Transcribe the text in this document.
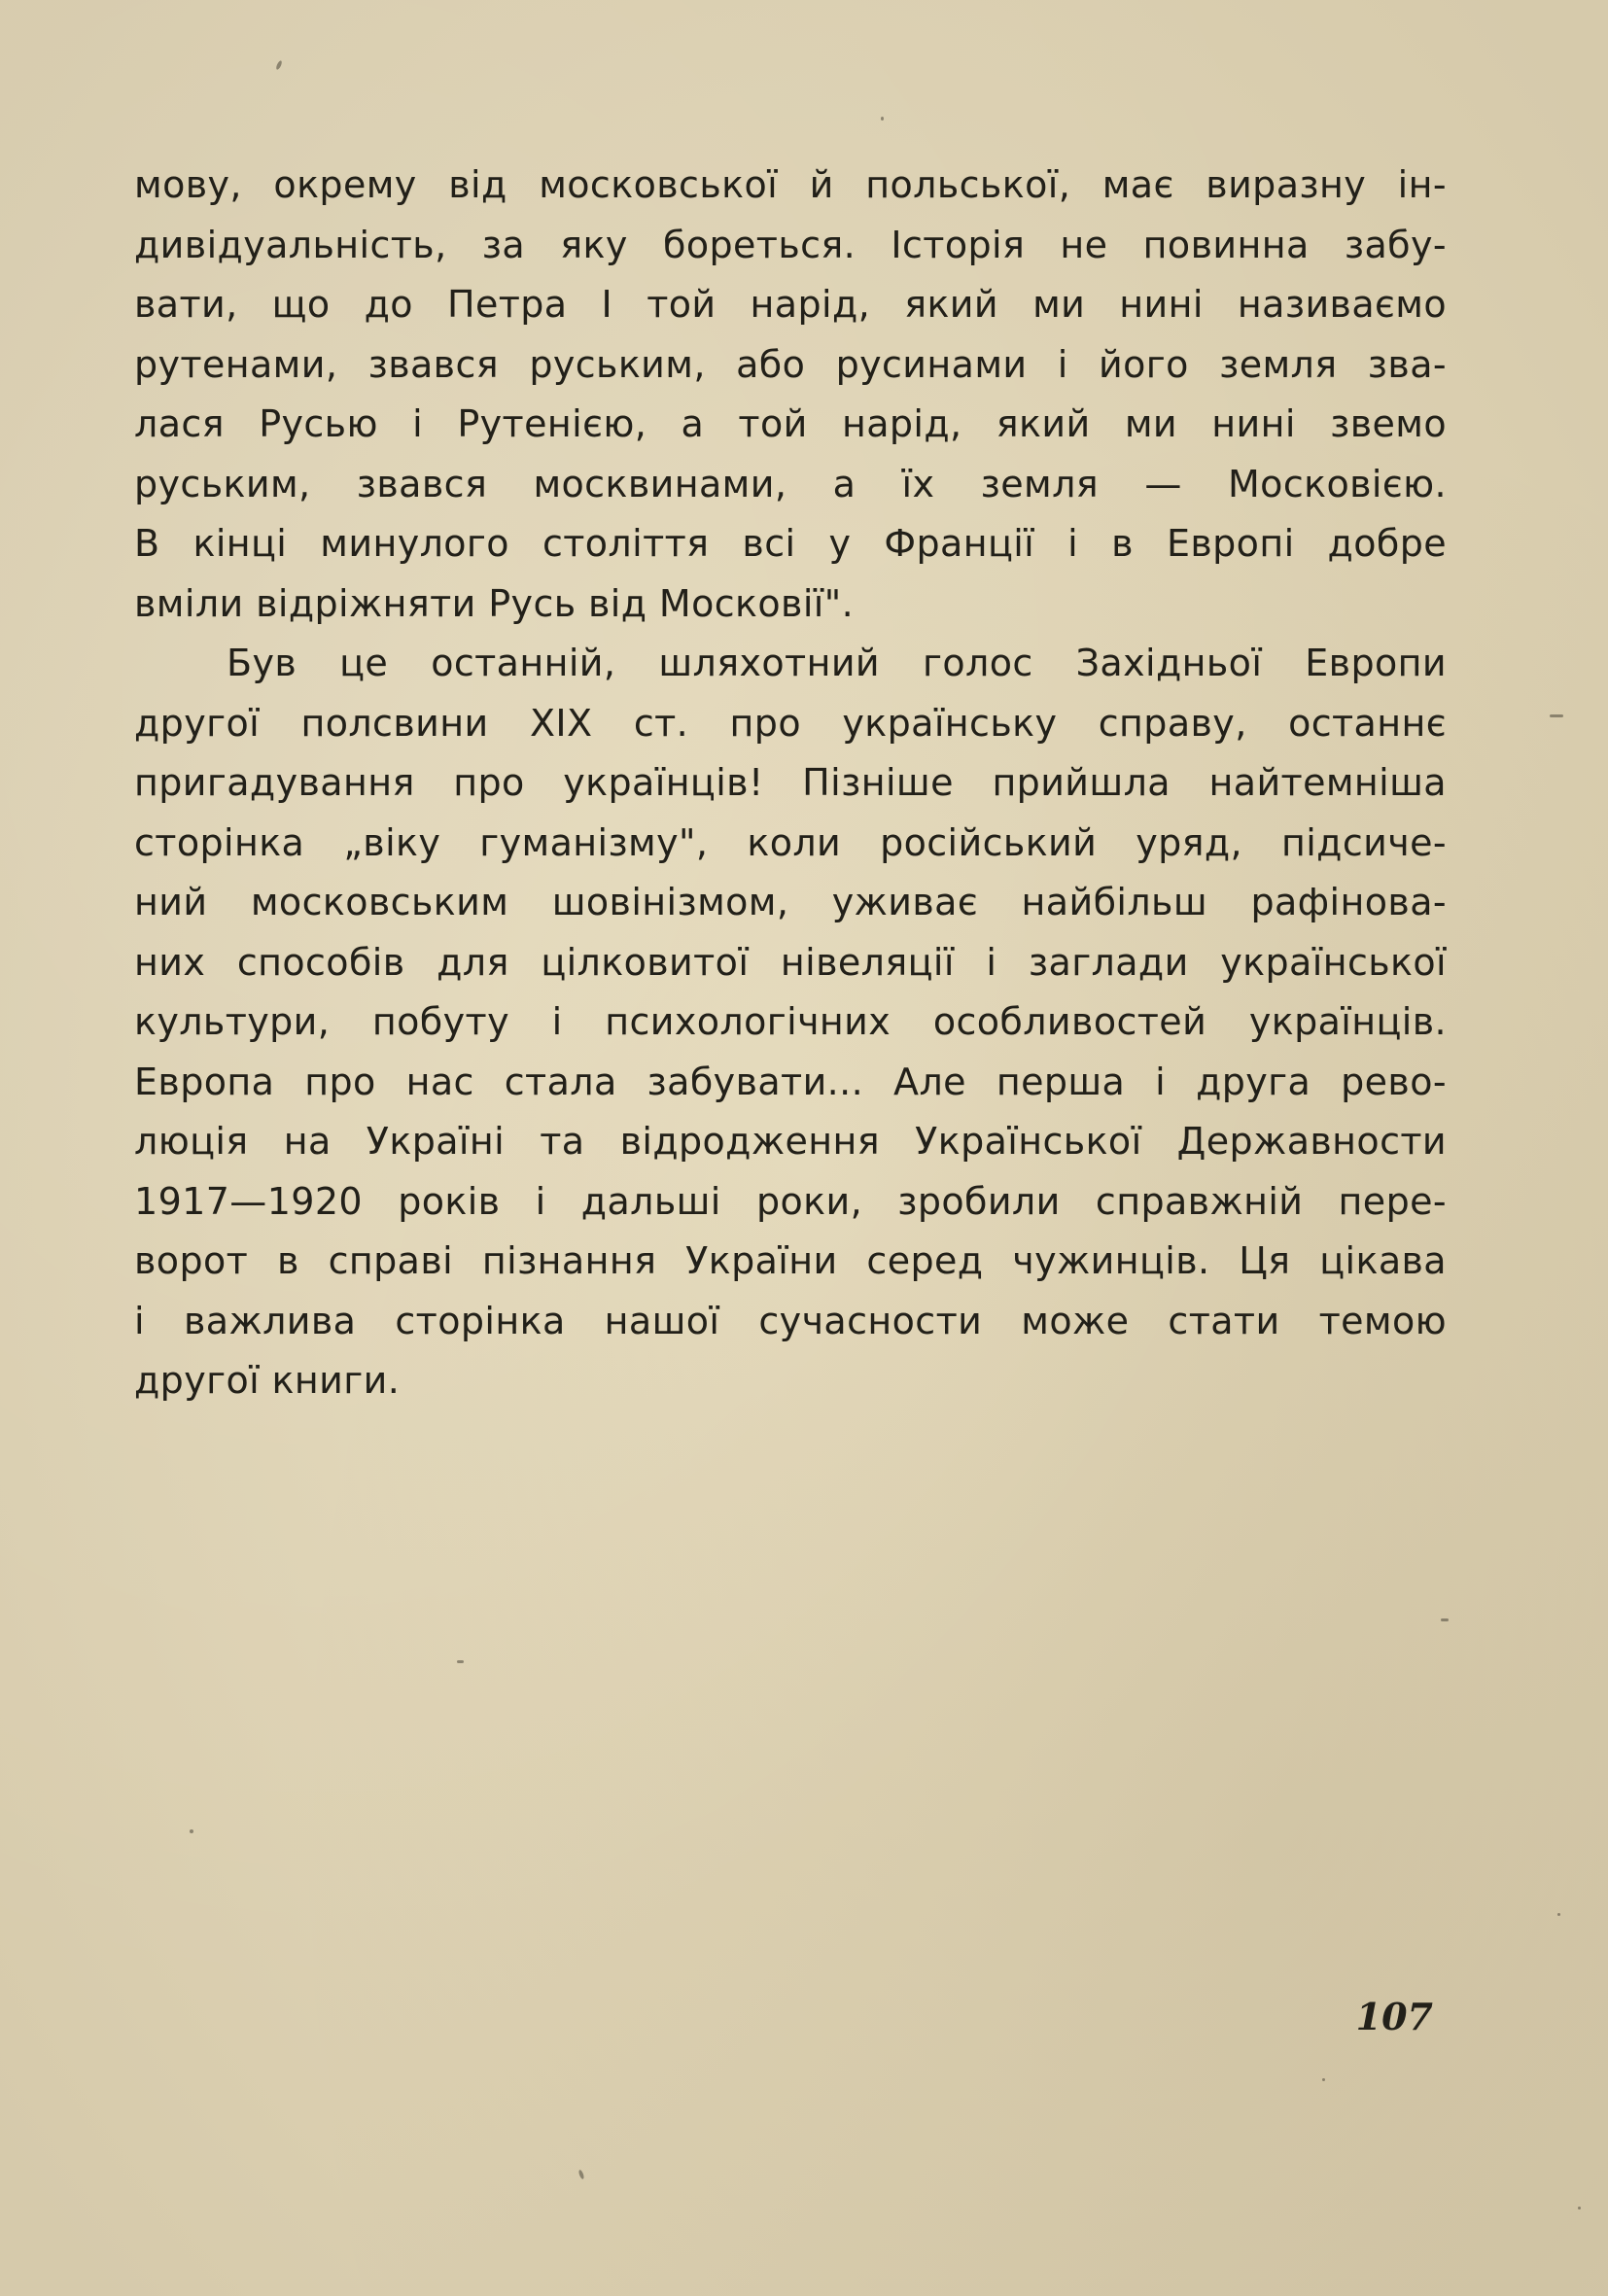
мову, окрему від московської й польської, має виразну ін-
дивідуальність, за яку бореться. Історія не повинна забу-
вати, що до Петра I той нарід, який ми нині називаємо
рутенами, звався руським, або русинами і його земля зва-
лася Русью і Рутенією, а той нарід, який ми нині звемо
руським, звався москвинами, а їх земля — Московією.
В кінці минулого століття всі у Франції і в Европі добре
вміли відріжняти Русь від Московії".
Був це останній, шляхотний голос Західньої Европи
другої полсвини XIX ст. про українську справу, останнє
пригадування про українців! Пізніше прийшла найтемніша
сторінка „віку гуманізму", коли російський уряд, підсиче-
ний московським шовінізмом, уживає найбільш рафінова-
них способів для цілковитої нівеляції і заглади української
культури, побуту і психологічних особливостей українців.
Европа про нас стала забувати... Але перша і друга рево-
люція на Україні та відродження Української Державности
1917—1920 років і дальші роки, зробили справжній пере-
ворот в справі пізнання України серед чужинців. Ця цікава
і важлива сторінка нашої сучасности може стати темою
другої книги.
107
